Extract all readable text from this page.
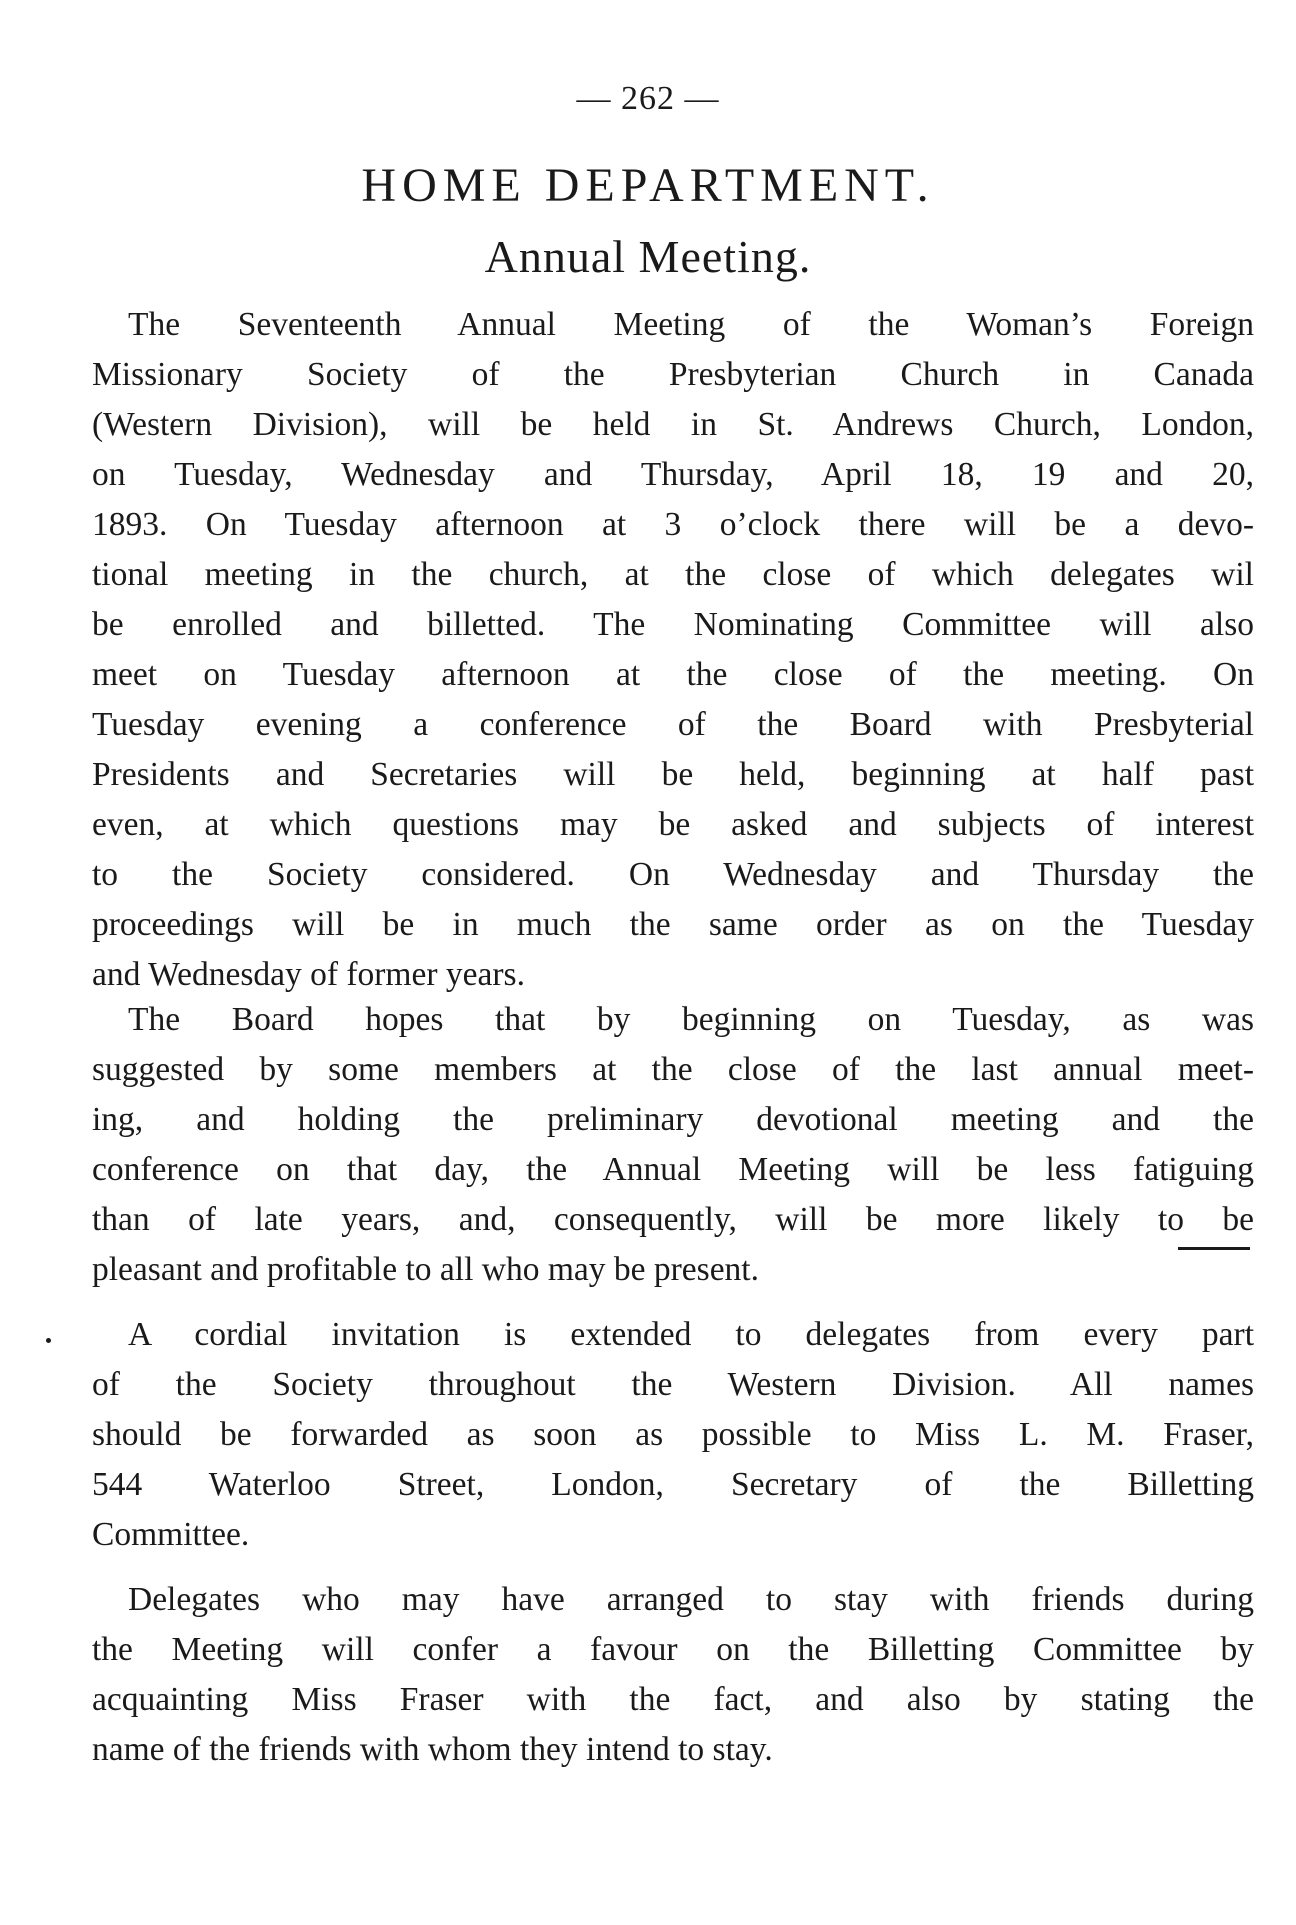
— 262 —
HOME DEPARTMENT.
Annual Meeting.

The Seventeenth Annual Meeting of the Woman’s Foreign
Missionary Society of the Presbyterian Church in Canada
(Western Division), will be held in St. Andrews Church, London,
on Tuesday, Wednesday and Thursday, April 18, 19 and 20,
1893. On Tuesday afternoon at 3 o’clock there will be a devo-
tional meeting in the church, at the close of which delegates wil
be enrolled and billetted. The Nominating Committee will also
meet on Tuesday afternoon at the close of the meeting. On
Tuesday evening a conference of the Board with Presbyterial
Presidents and Secretaries will be held, beginning at half past
even, at which questions may be asked and subjects of interest
to the Society considered. On Wednesday and Thursday the
proceedings will be in much the same order as on the Tuesday
and Wednesday of former years.

The Board hopes that by beginning on Tuesday, as was
suggested by some members at the close of the last annual meet-
ing, and holding the preliminary devotional meeting and the
conference on that day, the Annual Meeting will be less fatiguing
than of late years, and, consequently, will be more likely to be
pleasant and profitable to all who may be present.

A cordial invitation is extended to delegates from every part
of the Society throughout the Western Division. All names
should be forwarded as soon as possible to Miss L. M. Fraser,
544 Waterloo Street, London, Secretary of the Billetting
Committee.

Delegates who may have arranged to stay with friends during
the Meeting will confer a favour on the Billetting Committee by
acquainting Miss Fraser with the fact, and also by stating the
name of the friends with whom they intend to stay.
